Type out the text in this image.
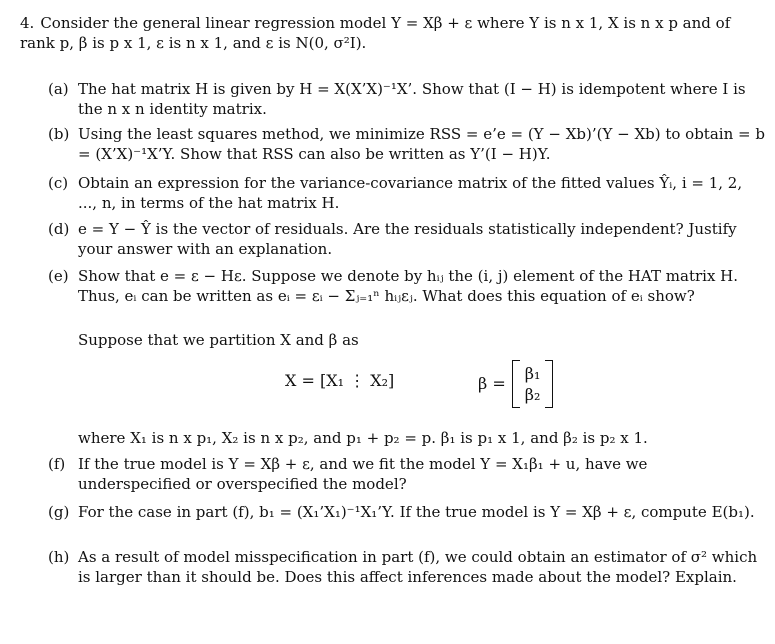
4. Consider the general linear regression model Y = Xβ + ε where Y is n x 1, X is n x p and of rank p, β is p x 1, ε is n x 1, and ε is N(0, σ²I).
(a) The hat matrix H is given by H = X(X’X)⁻¹X’. Show that (I − H) is idempotent where I is the n x n identity matrix.
(b) Using the least squares method, we minimize RSS = e’e = (Y − Xb)’(Y − Xb) to obtain = b = (X’X)⁻¹X’Y. Show that RSS can also be written as Y’(I − H)Y.
(c) Obtain an expression for the variance-covariance matrix of the fitted values Ŷᵢ, i = 1, 2, ..., n, in terms of the hat matrix H.
(d) e = Y − Ŷ is the vector of residuals. Are the residuals statistically independent? Justify your answer with an explanation.
(e) Show that e = ε − Hε. Suppose we denote by hᵢⱼ the (i, j) element of the HAT matrix H. Thus, eᵢ can be written as eᵢ = εᵢ − Σⱼ₌₁ⁿ hᵢⱼεⱼ. What does this equation of eᵢ show?
Suppose that we partition X and β as
X = [X₁ ⋮ X₂]	β =
β₁
β₂
where X₁ is n x p₁, X₂ is n x p₂, and p₁ + p₂ = p. β₁ is p₁ x 1, and β₂ is p₂ x 1.
(f) If the true model is Y = Xβ + ε, and we fit the model Y = X₁β₁ + u, have we underspecified or overspecified the model?
(g) For the case in part (f), b₁ = (X₁’X₁)⁻¹X₁’Y. If the true model is Y = Xβ + ε, compute E(b₁).
(h) As a result of model misspecification in part (f), we could obtain an estimator of σ² which is larger than it should be. Does this affect inferences made about the model? Explain.
